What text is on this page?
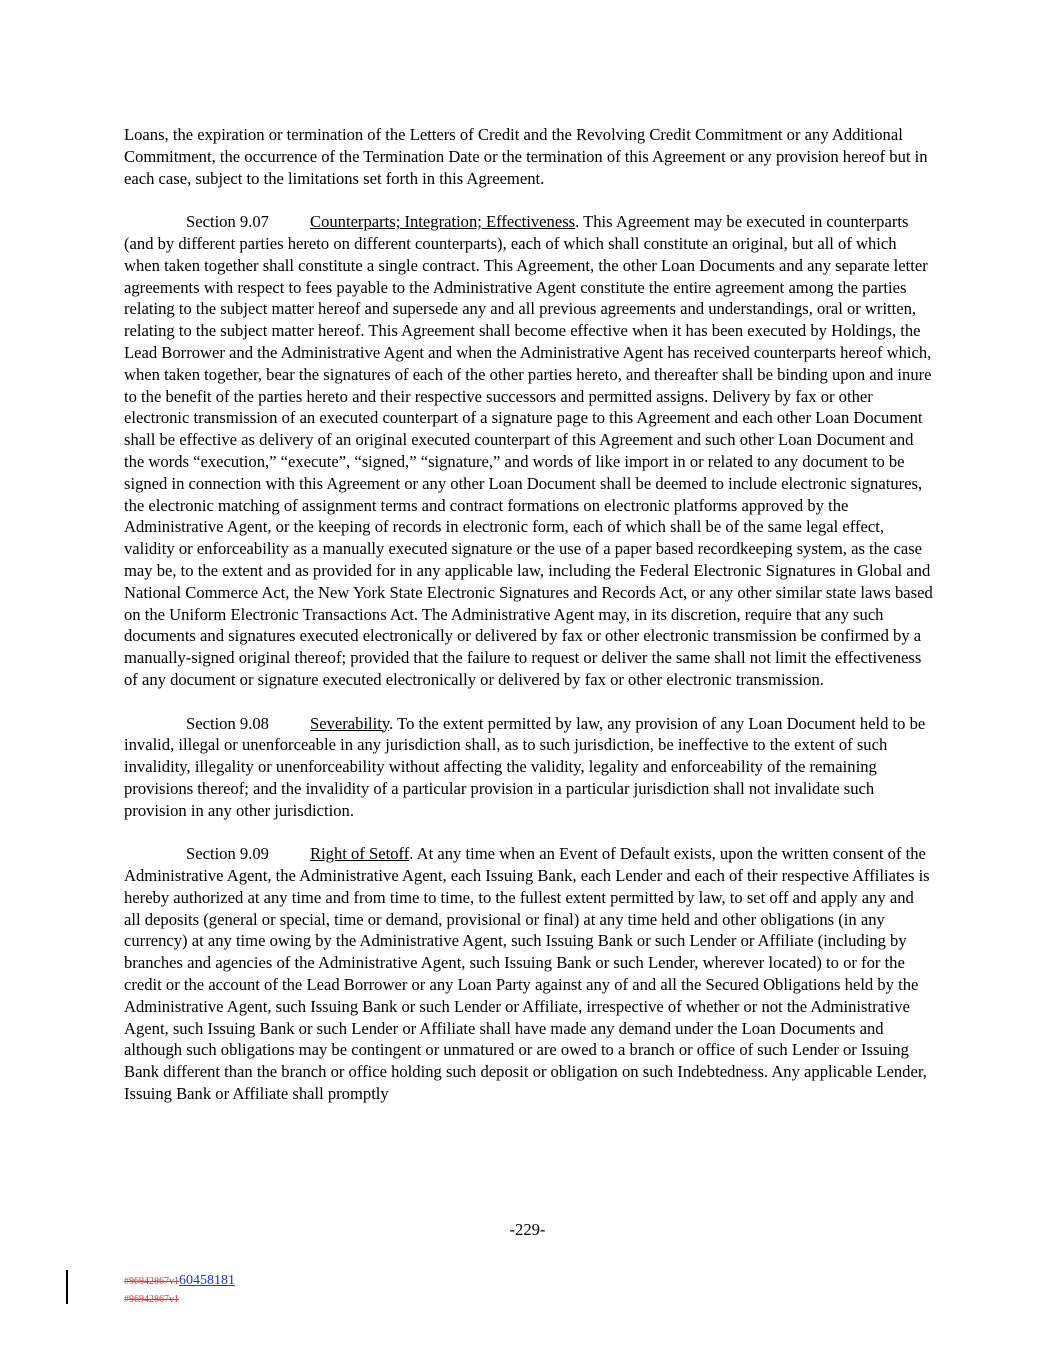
Loans, the expiration or termination of the Letters of Credit and the Revolving Credit Commitment or any Additional Commitment, the occurrence of the Termination Date or the termination of this Agreement or any provision hereof but in each case, subject to the limitations set forth in this Agreement.

Section 9.07 Counterparts; Integration; Effectiveness. This Agreement may be executed in counterparts (and by different parties hereto on different counterparts), each of which shall constitute an original, but all of which when taken together shall constitute a single contract. This Agreement, the other Loan Documents and any separate letter agreements with respect to fees payable to the Administrative Agent constitute the entire agreement among the parties relating to the subject matter hereof and supersede any and all previous agreements and understandings, oral or written, relating to the subject matter hereof. This Agreement shall become effective when it has been executed by Holdings, the Lead Borrower and the Administrative Agent and when the Administrative Agent has received counterparts hereof which, when taken together, bear the signatures of each of the other parties hereto, and thereafter shall be binding upon and inure to the benefit of the parties hereto and their respective successors and permitted assigns. Delivery by fax or other electronic transmission of an executed counterpart of a signature page to this Agreement and each other Loan Document shall be effective as delivery of an original executed counterpart of this Agreement and such other Loan Document and the words “execution,” “execute”, “signed,” “signature,” and words of like import in or related to any document to be signed in connection with this Agreement or any other Loan Document shall be deemed to include electronic signatures, the electronic matching of assignment terms and contract formations on electronic platforms approved by the Administrative Agent, or the keeping of records in electronic form, each of which shall be of the same legal effect, validity or enforceability as a manually executed signature or the use of a paper based recordkeeping system, as the case may be, to the extent and as provided for in any applicable law, including the Federal Electronic Signatures in Global and National Commerce Act, the New York State Electronic Signatures and Records Act, or any other similar state laws based on the Uniform Electronic Transactions Act. The Administrative Agent may, in its discretion, require that any such documents and signatures executed electronically or delivered by fax or other electronic transmission be confirmed by a manually-signed original thereof; provided that the failure to request or deliver the same shall not limit the effectiveness of any document or signature executed electronically or delivered by fax or other electronic transmission.

Section 9.08 Severability. To the extent permitted by law, any provision of any Loan Document held to be invalid, illegal or unenforceable in any jurisdiction shall, as to such jurisdiction, be ineffective to the extent of such invalidity, illegality or unenforceability without affecting the validity, legality and enforceability of the remaining provisions thereof; and the invalidity of a particular provision in a particular jurisdiction shall not invalidate such provision in any other jurisdiction.

Section 9.09 Right of Setoff. At any time when an Event of Default exists, upon the written consent of the Administrative Agent, the Administrative Agent, each Issuing Bank, each Lender and each of their respective Affiliates is hereby authorized at any time and from time to time, to the fullest extent permitted by law, to set off and apply any and all deposits (general or special, time or demand, provisional or final) at any time held and other obligations (in any currency) at any time owing by the Administrative Agent, such Issuing Bank or such Lender or Affiliate (including by branches and agencies of the Administrative Agent, such Issuing Bank or such Lender, wherever located) to or for the credit or the account of the Lead Borrower or any Loan Party against any of and all the Secured Obligations held by the Administrative Agent, such Issuing Bank or such Lender or Affiliate, irrespective of whether or not the Administrative Agent, such Issuing Bank or such Lender or Affiliate shall have made any demand under the Loan Documents and although such obligations may be contingent or unmatured or are owed to a branch or office of such Lender or Issuing Bank different than the branch or office holding such deposit or obligation on such Indebtedness. Any applicable Lender, Issuing Bank or Affiliate shall promptly

-229-
#96942867v160458181
#96942867v1
